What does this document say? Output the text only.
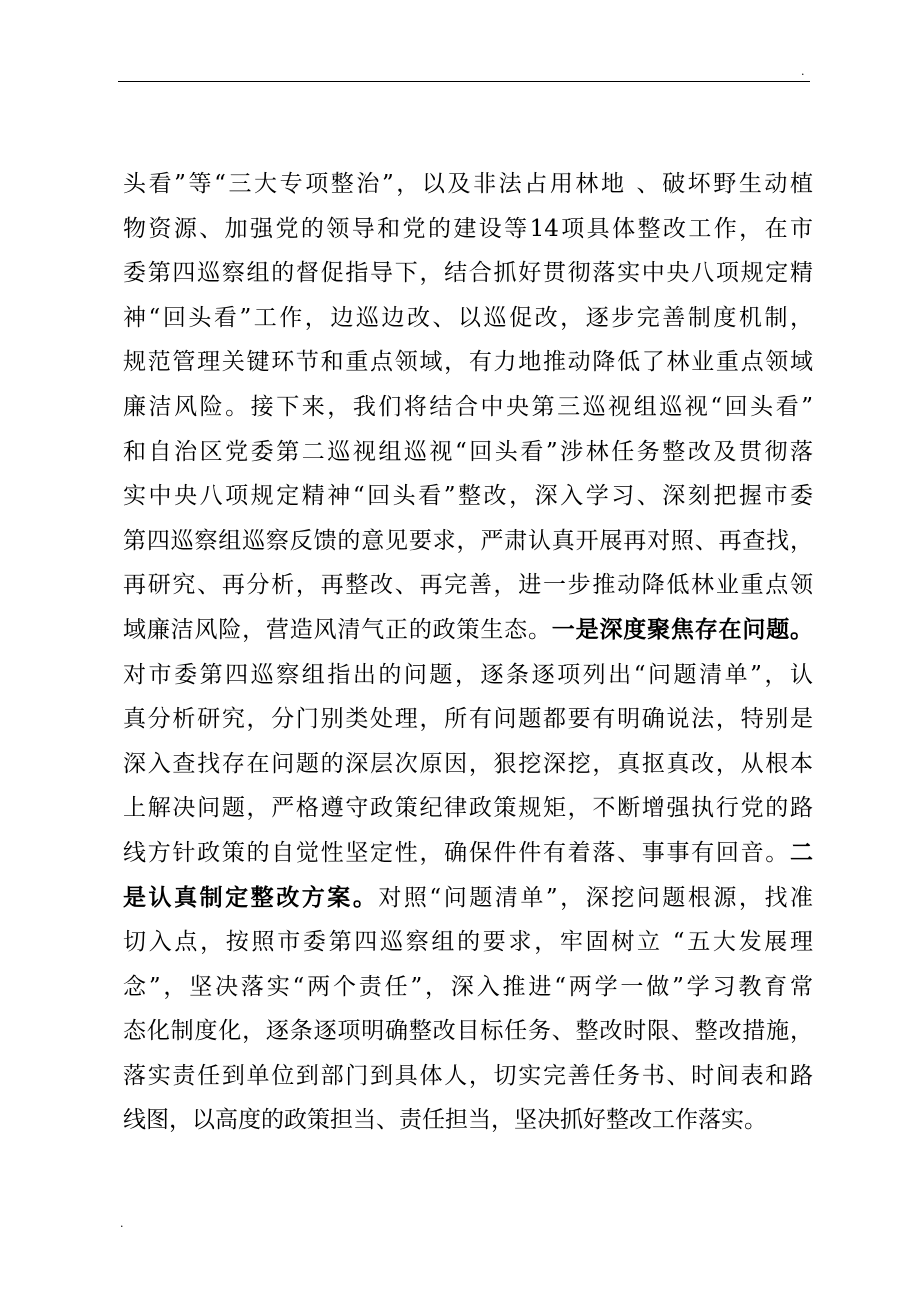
.
头看”等“三大专项整治”，以及非法占用林地 、破坏野生动植
物资源、加强党的领导和党的建设等14项具体整改工作，在市
委第四巡察组的督促指导下，结合抓好贯彻落实中央八项规定精
神“回头看”工作，边巡边改、以巡促改，逐步完善制度机制，
规范管理关键环节和重点领域，有力地推动降低了林业重点领域
廉洁风险。接下来，我们将结合中央第三巡视组巡视“回头看”
和自治区党委第二巡视组巡视“回头看”涉林任务整改及贯彻落
实中央八项规定精神“回头看”整改，深入学习、深刻把握市委
第四巡察组巡察反馈的意见要求，严肃认真开展再对照、再查找，
再研究、再分析，再整改、再完善，进一步推动降低林业重点领
域廉洁风险，营造风清气正的政策生态。一是深度聚焦存在问题。
对市委第四巡察组指出的问题，逐条逐项列出“问题清单”，认
真分析研究，分门别类处理，所有问题都要有明确说法，特别是
深入查找存在问题的深层次原因，狠挖深挖，真抠真改，从根本
上解决问题，严格遵守政策纪律政策规矩，不断增强执行党的路
线方针政策的自觉性坚定性，确保件件有着落、事事有回音。二
是认真制定整改方案。对照“问题清单”，深挖问题根源，找准
切入点，按照市委第四巡察组的要求，牢固树立 “五大发展理
念”，坚决落实“两个责任”，深入推进“两学一做”学习教育常
态化制度化，逐条逐项明确整改目标任务、整改时限、整改措施，
落实责任到单位到部门到具体人，切实完善任务书、时间表和路
线图，以高度的政策担当、责任担当，坚决抓好整改工作落实。
.
